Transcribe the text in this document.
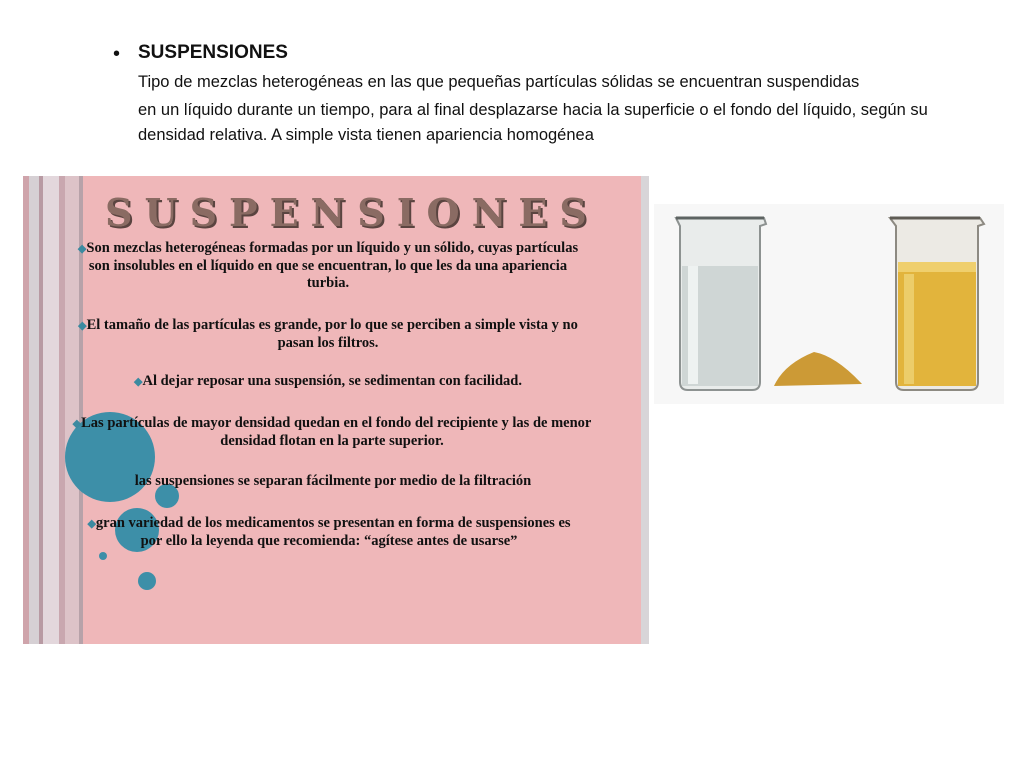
• SUSPENSIONES

Tipo de mezclas heterogéneas en las que pequeñas partículas sólidas se encuentran suspendidas

en un líquido durante un tiempo, para al final desplazarse hacia la superficie o el fondo del líquido, según su

densidad relativa. A simple vista tienen apariencia homogénea

SUSPENSIONES

◆Son mezclas heterogéneas formadas por un líquido y un sólido, cuyas partículas son insolubles en el líquido en que se encuentran, lo que les da una apariencia turbia.

◆El tamaño de las partículas es grande, por lo que se perciben a simple vista y no pasan los filtros.

◆Al dejar reposar una suspensión, se sedimentan con facilidad.

◆Las partículas de mayor densidad quedan en el fondo del recipiente y las de menor densidad flotan en la parte superior.

las suspensiones se separan fácilmente por medio de la filtración

◆gran variedad de los medicamentos se presentan en forma de suspensiones es por ello la leyenda que recomienda: “agítese antes de usarse”
